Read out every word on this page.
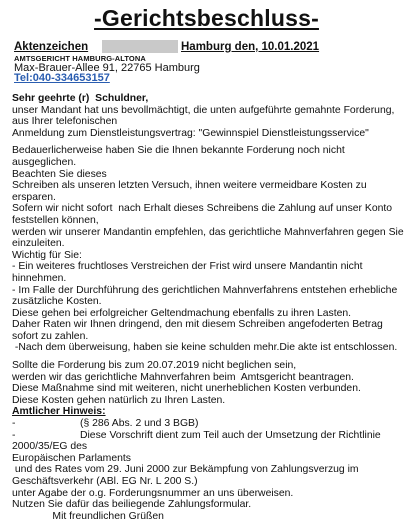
-Gerichtsbeschluss-
Aktenzeichen	Hamburg den, 10.01.2021
AMTSGERICHT HAMBURG-ALTONA
Max-Brauer-Allee 91, 22765 Hamburg
Tel:040-334653157

Sehr geehrte (r)  Schuldner,

unser Mandant hat uns bevollmächtigt, die unten aufgeführte gemahnte Forderung,

aus Ihrer telefonischen

Anmeldung zum Dienstleistungsvertrag: "Gewinnspiel Dienstleistungsservice"

Bedauerlicherweise haben Sie die Ihnen bekannte Forderung noch nicht

ausgeglichen.

Beachten Sie dieses

Schreiben als unseren letzten Versuch, ihnen weitere vermeidbare Kosten zu

ersparen.

Sofern wir nicht sofort  nach Erhalt dieses Schreibens die Zahlung auf unser Konto

feststellen können,

werden wir unserer Mandantin empfehlen, das gerichtliche Mahnverfahren gegen Sie

einzuleiten.

Wichtig für Sie:

- Ein weiteres fruchtloses Verstreichen der Frist wird unsere Mandantin nicht

hinnehmen.

- Im Falle der Durchführung des gerichtlichen Mahnverfahrens entstehen erhebliche

zusätzliche Kosten.

Diese gehen bei erfolgreicher Geltendmachung ebenfalls zu ihren Lasten.

Daher Raten wir Ihnen dringend, den mit diesem Schreiben angefoderten Betrag

sofort zu zahlen.

-Nach dem überweisung, haben sie keine schulden mehr.Die akte ist entschlossen.

Sollte die Forderung bis zum 20.07.2019 nicht beglichen sein,

werden wir das gerichtliche Mahnverfahren beim  Amtsgericht beantragen.

Diese Maßnahme sind mit weiteren, nicht unerheblichen Kosten verbunden.

Diese Kosten gehen natürlich zu Ihren Lasten.

Amtlicher Hinweis:

-	(§ 286 Abs. 2 und 3 BGB)
-	Diese Vorschrift dient zum Teil auch der Umsetzung der Richtlinie

2000/35/EG des

Europäischen Parlaments

und des Rates vom 29. Juni 2000 zur Bekämpfung von Zahlungsverzug im

Geschäftsverkehr (ABl. EG Nr. L 200 S.)

unter Agabe der o.g. Forderungsnummer an uns überweisen.

Nutzen Sie dafür das beiliegende Zahlungsformular.

Mit freundlichen Grüßen
